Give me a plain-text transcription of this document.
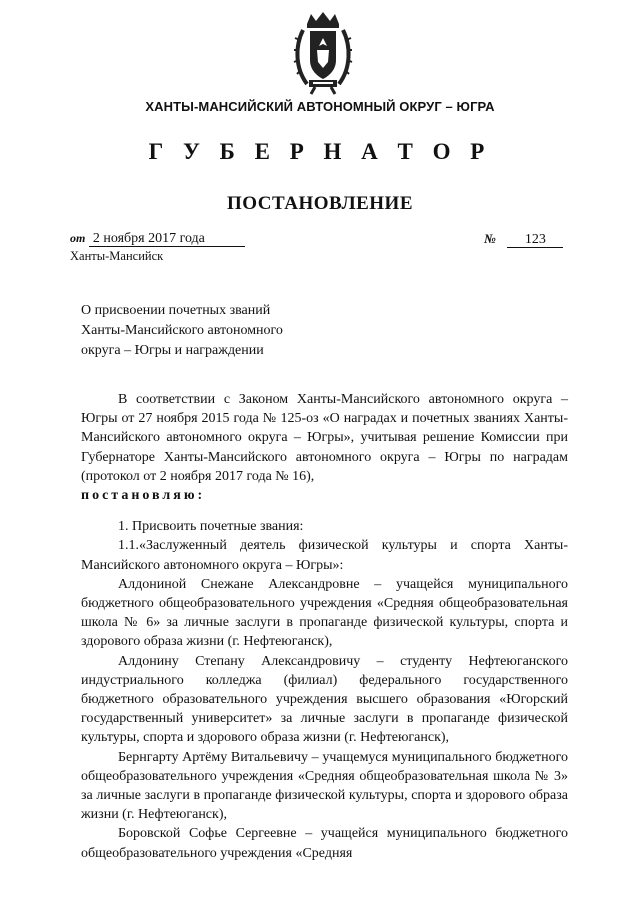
ХАНТЫ-МАНСИЙСКИЙ АВТОНОМНЫЙ ОКРУГ – ЮГРА
Г У Б Е Р Н А Т О Р
ПОСТАНОВЛЕНИЕ
от 2 ноября 2017 года	№ 123
Ханты-Мансийск
О присвоении почетных званий
Ханты-Мансийского автономного
округа – Югры и награждении

В соответствии с Законом Ханты-Мансийского автономного округа – Югры от 27 ноября 2015 года № 125-оз «О наградах и почетных званиях Ханты-Мансийского автономного округа – Югры», учитывая решение Комиссии при Губернаторе Ханты-Мансийского автономного округа – Югры по наградам (протокол от 2 ноября 2017 года № 16),
постановляю:

1. Присвоить почетные звания:

1.1.«Заслуженный деятель физической культуры и спорта Ханты-Мансийского автономного округа – Югры»:

Алдониной Снежане Александровне – учащейся муниципального бюджетного общеобразовательного учреждения «Средняя общеобразовательная школа № 6» за личные заслуги в пропаганде физической культуры, спорта и здорового образа жизни (г. Нефтеюганск),

Алдонину Степану Александровичу – студенту Нефтеюганского индустриального колледжа (филиал) федерального государственного бюджетного образовательного учреждения высшего образования «Югорский государственный университет» за личные заслуги в пропаганде физической культуры, спорта и здорового образа жизни (г. Нефтеюганск),

Бернгарту Артёму Витальевичу – учащемуся муниципального бюджетного общеобразовательного учреждения «Средняя общеобразовательная школа № 3» за личные заслуги в пропаганде физической культуры, спорта и здорового образа жизни (г. Нефтеюганск),

Боровской Софье Сергеевне – учащейся муниципального бюджетного общеобразовательного учреждения «Средняя
